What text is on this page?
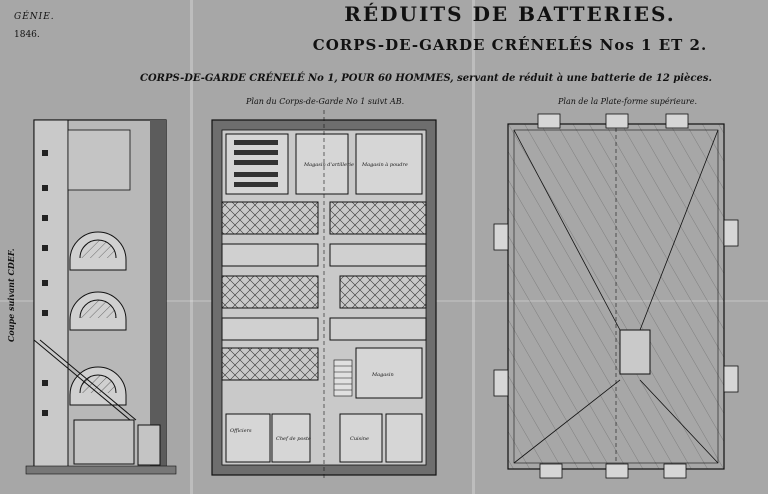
GÉNIE.
1846.
RÉDUITS DE BATTERIES.
CORPS-DE-GARDE CRÉNELÉS Nos 1 ET 2.
CORPS-DE-GARDE CRÉNELÉ No 1, POUR 60 HOMMES, servant de réduit à une batterie de 12 pièces.
Plan du Corps-de-Garde No 1 suivt AB.	Plan de la Plate-forme supérieure.
Coupe suivant CDEF.
Magasin d'artillerie Magasin à poudre
Magasin
Officiers
Chef de poste	Cuisine
